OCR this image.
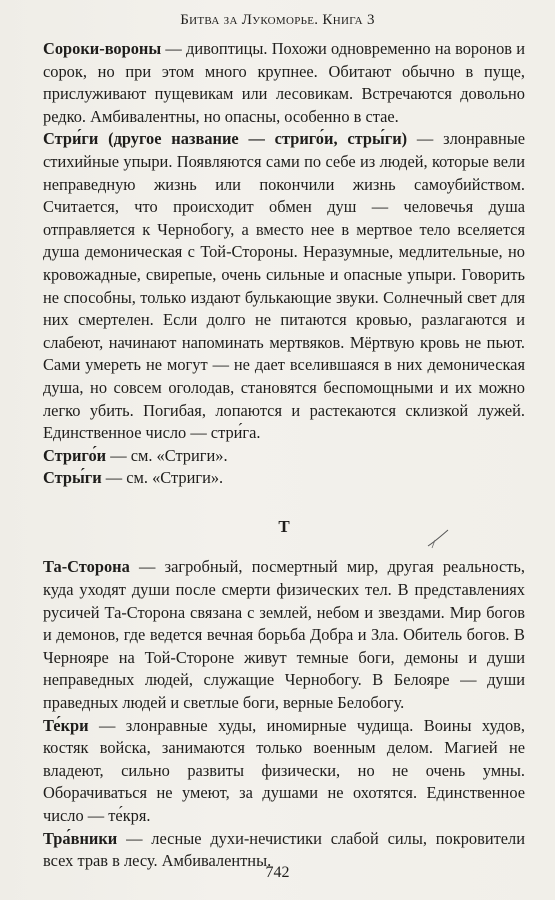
Битва за Лукоморье. Книга 3

Сороки-вороны — дивоптицы. Похожи одновременно на воронов и сорок, но при этом много крупнее. Обитают обычно в пуще, прислуживают пущевикам или лесовикам. Встречаются довольно редко. Амбивалентны, но опасны, особенно в стае.

Стри́ги (другое название — стриго́и, стры́ги) — злонравные стихийные упыри. Появляются сами по себе из людей, которые вели неправедную жизнь или покончили жизнь самоубийством. Считается, что происходит обмен душ — человечья душа отправляется к Чернобогу, а вместо нее в мертвое тело вселяется душа демоническая с Той-Стороны. Неразумные, медлительные, но кровожадные, свирепые, очень сильные и опасные упыри. Говорить не способны, только издают булькающие звуки. Солнечный свет для них смертелен. Если долго не питаются кровью, разлагаются и слабеют, начинают напоминать мертвяков. Мёртвую кровь не пьют. Сами умереть не могут — не дает вселившаяся в них демоническая душа, но совсем оголодав, становятся беспомощными и их можно легко убить. Погибая, лопаются и растекаются склизкой лужей. Единственное число — стри́га.

Стриго́и — см. «Стриги».

Стры́ги — см. «Стриги».

Т

Та-Сторона — загробный, посмертный мир, другая реальность, куда уходят души после смерти физических тел. В представлениях русичей Та-Сторона связана с землей, небом и звездами. Мир богов и демонов, где ведется вечная борьба Добра и Зла. Обитель богов. В Чернояре на Той-Стороне живут темные боги, демоны и души неправедных людей, служащие Чернобогу. В Белояре — души праведных людей и светлые боги, верные Белобогу.

Те́кри — злонравные худы, иномирные чудища. Воины худов, костяк войска, занимаются только военным делом. Магией не владеют, сильно развиты физически, но не очень умны. Оборачиваться не умеют, за душами не охотятся. Единственное число — те́кря.

Тра́вники — лесные духи-нечистики слабой силы, покровители всех трав в лесу. Амбивалентны.

742
